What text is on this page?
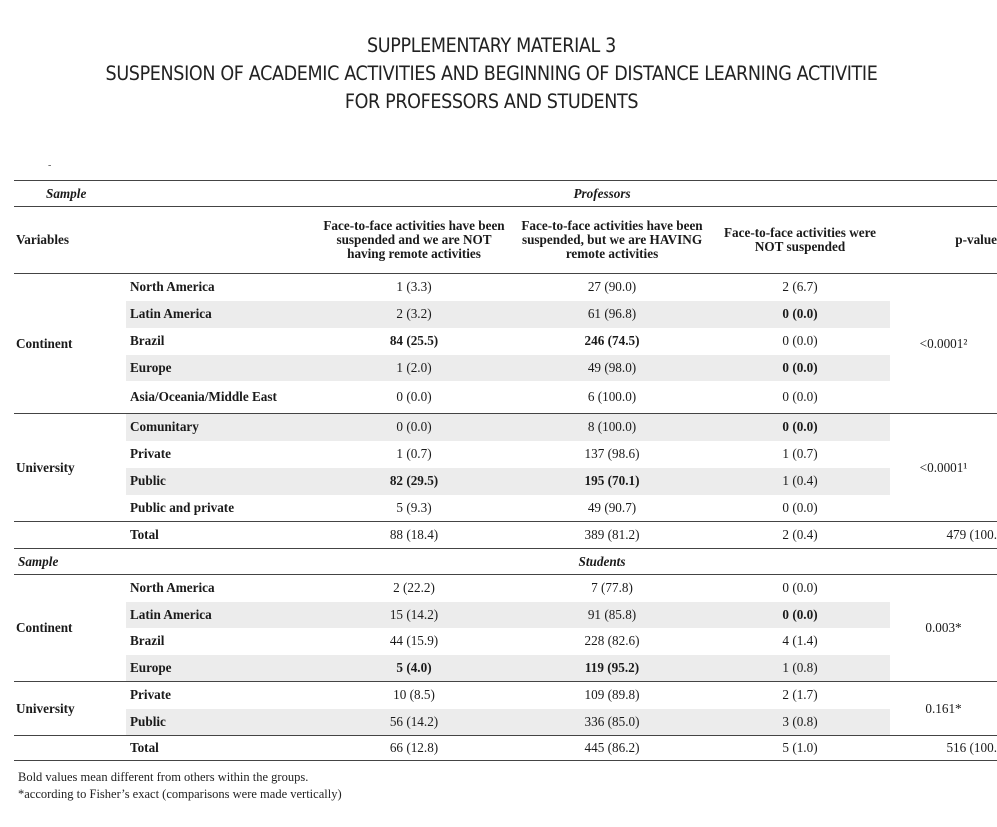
SUPPLEMENTARY MATERIAL 3
SUSPENSION OF ACADEMIC ACTIVITIES AND BEGINNING OF DISTANCE LEARNING ACTIVITIE
FOR PROFESSORS AND STUDENTS
-
Sample		Professors			
Variables		Face-to-face activities have been suspended and we are NOT having remote activities	Face-to-face activities have been suspended, but we are HAVING remote activities	Face-to-face activities were NOT suspended	p-value
Continent	North America	1 (3.3)	27 (90.0)	2 (6.7)	<0.0001²
	Latin America	2 (3.2)	61 (96.8)	0 (0.0)	
	Brazil	84 (25.5)	246 (74.5)	0 (0.0)	
	Europe	1 (2.0)	49 (98.0)	0 (0.0)	
	Asia/Oceania/Middle East	0 (0.0)	6 (100.0)	0 (0.0)	
University	Comunitary	0 (0.0)	8 (100.0)	0 (0.0)	<0.0001¹
	Private	1 (0.7)	137 (98.6)	1 (0.7)	
	Public	82 (29.5)	195 (70.1)	1 (0.4)	
	Public and private	5 (9.3)	49 (90.7)	0 (0.0)	
	Total	88 (18.4)	389 (81.2)	2 (0.4)	479 (100.
Sample		Students			
Continent	North America	2 (22.2)	7 (77.8)	0 (0.0)	0.003*
	Latin America	15 (14.2)	91 (85.8)	0 (0.0)	
	Brazil	44 (15.9)	228 (82.6)	4 (1.4)	
	Europe	5 (4.0)	119 (95.2)	1 (0.8)	
University	Private	10 (8.5)	109 (89.8)	2 (1.7)	0.161*
	Public	56 (14.2)	336 (85.0)	3 (0.8)	
	Total	66 (12.8)	445 (86.2)	5 (1.0)	516 (100.
Bold values mean different from others within the groups.
*according to Fisher’s exact (comparisons were made vertically)
